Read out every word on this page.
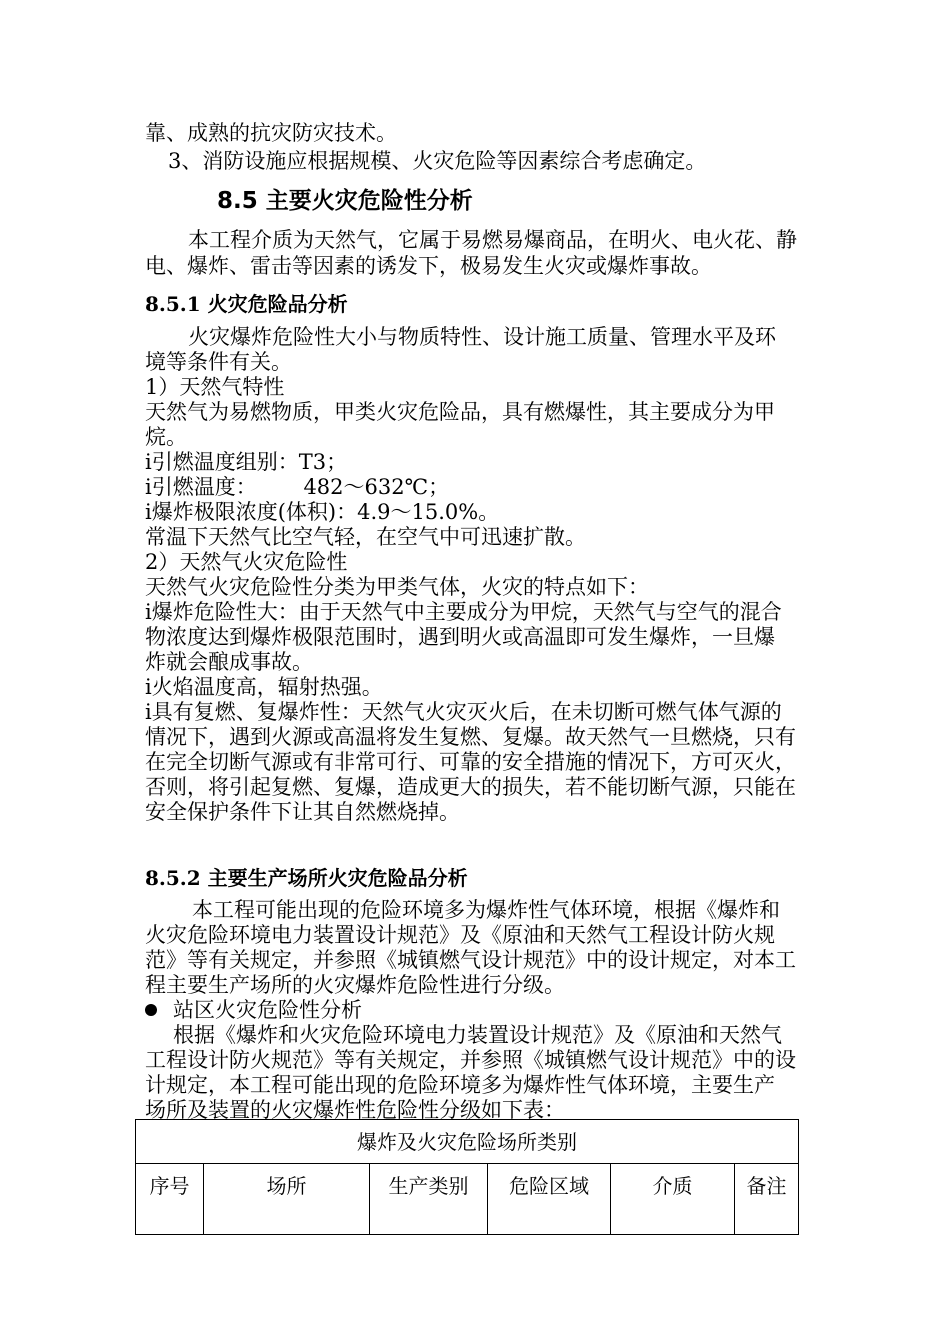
靠、成熟的抗灾防灾技术。
3、消防设施应根据规模、火灾危险等因素综合考虑确定。
8.5 主要火灾危险性分析
本工程介质为天然气，它属于易燃易爆商品，在明火、电火花、静
电、爆炸、雷击等因素的诱发下，极易发生火灾或爆炸事故。
8.5.1 火灾危险品分析
火灾爆炸危险性大小与物质特性、设计施工质量、管理水平及环
境等条件有关。
1）天然气特性
天然气为易燃物质，甲类火灾危险品，具有燃爆性，其主要成分为甲
烷。
ⅰ引燃温度组别：T3；
ⅰ引燃温度：       482～632℃；
ⅰ爆炸极限浓度(体积)：4.9～15.0%。
常温下天然气比空气轻，在空气中可迅速扩散。
2）天然气火灾危险性
天然气火灾危险性分类为甲类气体，火灾的特点如下：
ⅰ爆炸危险性大：由于天然气中主要成分为甲烷，天然气与空气的混合
物浓度达到爆炸极限范围时，遇到明火或高温即可发生爆炸，一旦爆
炸就会酿成事故。
ⅰ火焰温度高，辐射热强。
ⅰ具有复燃、复爆炸性：天然气火灾灭火后，在未切断可燃气体气源的
情况下，遇到火源或高温将发生复燃、复爆。故天然气一旦燃烧，只有
在完全切断气源或有非常可行、可靠的安全措施的情况下，方可灭火，
否则，将引起复燃、复爆，造成更大的损失，若不能切断气源，只能在
安全保护条件下让其自然燃烧掉。
8.5.2 主要生产场所火灾危险品分析
本工程可能出现的危险环境多为爆炸性气体环境，根据《爆炸和
火灾危险环境电力装置设计规范》及《原油和天然气工程设计防火规
范》等有关规定，并参照《城镇燃气设计规范》中的设计规定，对本工
程主要生产场所的火灾爆炸危险性进行分级。
站区火灾危险性分析
根据《爆炸和火灾危险环境电力装置设计规范》及《原油和天然气
工程设计防火规范》等有关规定，并参照《城镇燃气设计规范》中的设
计规定，本工程可能出现的危险环境多为爆炸性气体环境，主要生产
场所及装置的火灾爆炸性危险性分级如下表：
爆炸及火灾危险场所类别
序号	场所	生产类别	危险区域	介质	备注
